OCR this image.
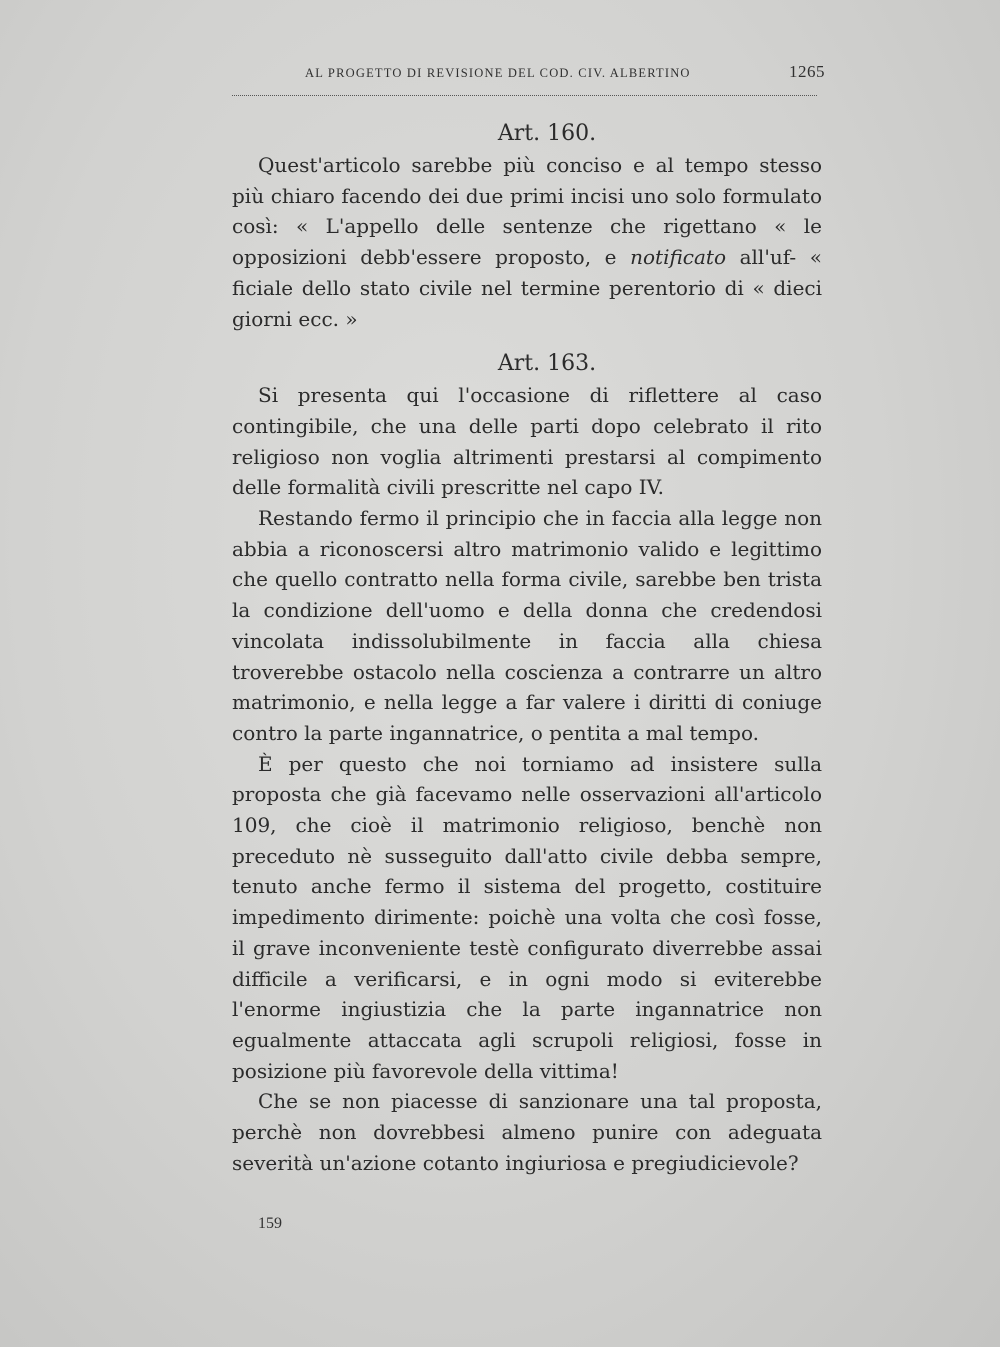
AL PROGETTO DI REVISIONE DEL COD. CIV. ALBERTINO	1265
Art. 160.

Quest'articolo sarebbe più conciso e al tempo stesso più chiaro facendo dei due primi incisi uno solo formulato così: « L'appello delle sentenze che rigettano « le opposizioni debb'essere proposto, e notificato all'uf- « ficiale dello stato civile nel termine perentorio di « dieci giorni ecc. »

Art. 163.

Si presenta qui l'occasione di riflettere al caso contingibile, che una delle parti dopo celebrato il rito religioso non voglia altrimenti prestarsi al compimento delle formalità civili prescritte nel capo IV.

Restando fermo il principio che in faccia alla legge non abbia a riconoscersi altro matrimonio valido e legittimo che quello contratto nella forma civile, sarebbe ben trista la condizione dell'uomo e della donna che credendosi vincolata indissolubilmente in faccia alla chiesa troverebbe ostacolo nella coscienza a contrarre un altro matrimonio, e nella legge a far valere i diritti di coniuge contro la parte ingannatrice, o pentita a mal tempo.

È per questo che noi torniamo ad insistere sulla proposta che già facevamo nelle osservazioni all'articolo 109, che cioè il matrimonio religioso, benchè non preceduto nè susseguito dall'atto civile debba sempre, tenuto anche fermo il sistema del progetto, costituire impedimento dirimente: poichè una volta che così fosse, il grave inconveniente testè configurato diverrebbe assai difficile a verificarsi, e in ogni modo si eviterebbe l'enorme ingiustizia che la parte ingannatrice non egualmente attaccata agli scrupoli religiosi, fosse in posizione più favorevole della vittima!

Che se non piacesse di sanzionare una tal proposta, perchè non dovrebbesi almeno punire con adeguata severità un'azione cotanto ingiuriosa e pregiudicievole?

159
